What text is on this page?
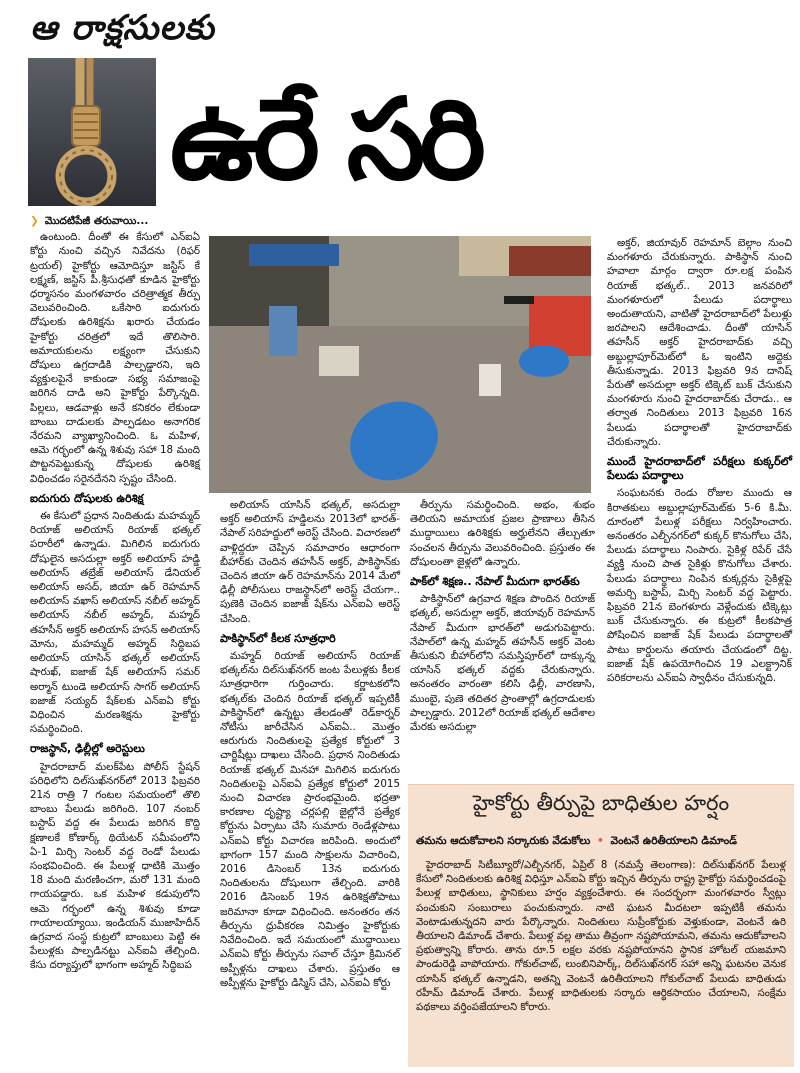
ఆ రాక్షసులకు
ఉరే సరి
❯ మొదటిపేజీ తరువాయి...

ఉంటుంది. దీంతో ఈ కేసులో ఎన్ఐఏ కోర్టు నుంచి వచ్చిన నివేదను (రిఫర్ ట్రయల్) హైకోర్టు ఆమోదిస్తూ జస్టిస్ కే లక్ష్మణ్, జస్టిస్ పీ.శ్రీసుధతో కూడిన హైకోర్టు ధర్మాసనం మంగళవారం చరిత్రాత్మక తీర్పు వెలువరించింది. ఒకేసారి ఐదుగురు దోషులకు ఉరిశిక్షను ఖరారు చేయడం హైకోర్టు చరిత్రలో ఇదే తొలిసారి. అమాయకులను లక్ష్యంగా చేసుకుని దోషులు ఉగ్రదాడికి పాల్పడ్డారని, ఇది వ్యక్తులపైనే కాకుండా సభ్య సమాజంపై జరిగిన దాడి అని హైకోర్టు పేర్కొన్నది. పిల్లలు, ఆడవాళ్లు అనే కనికరం లేకుండా బాంబు దాడులకు పాల్పడటం అనాగరిక నేరమని వ్యాఖ్యానించింది. ఓ మహిళ, ఆమె గర్భంలో ఉన్న శిశువు సహా 18 మంది పొట్టనపెట్టుకున్న దోషులకు ఉరిశిక్ష విధించడం సరైనదేనని స్పష్టం చేసింది.

ఐదుగురు దోషులకు ఉరిశిక్ష

ఈ కేసులో ప్రధాన నిందితుడు మహమ్మద్ రియాజ్ అలియాస్ రియాజ్ భత్కల్ పరారీలో ఉన్నాడు. మిగిలిన ఐదుగురు దోషులైన అసదుల్లా అక్తర్ అలియాస్ హడ్డి అలియాస్ తబ్రేజ్ అలియాస్ డేనియల్ అలియాస్ అసద్, జియా ఉర్ రెహమాన్ అలియాస్ వఖాస్ అలియాస్ నబీల్ అహ్మద్ అలియాస్ నబీల్ అహ్మద్, మహ్మద్ తహసీన్ అక్తర్ అలియాస్ హసన్ అలియాస్ మోను, మహమ్మద్ అహ్మద్ సిద్ధిబప అలియాస్ యాసిన్ భత్కల్ అలియాస్ షారుఖ్, ఐజాజ్ షేక్ అలియాస్ సమర్ అర్మాన్ టుండె అలియాస్ సాగర్ అలియాస్ ఐజాజ్ సయ్యద్ షేక్‌లకు ఎన్ఐఏ కోర్టు విధించిన మరణశిక్షను హైకోర్టు సమర్థించింది.

రాజస్థాన్, ఢిల్లీల్లో అరెస్టులు

హైదరాబాద్ మలక్‌పేట పోలీస్ స్టేషన్ పరిధిలోని దిల్‌సుఖ్‌నగర్‌లో 2013 ఫిబ్రవరి 21న రాత్రి 7 గంటల సమయంలో తొలి బాంబు పేలుడు జరిగింది. 107 నంబర్ బస్టాప్ వద్ద ఈ పేలుడు జరిగిన కొద్ది క్షణాలకే కోణార్క్ థియేటర్ సమీపంలోని ఏ-1 మిర్చి సెంటర్ వద్ద రెండో పేలుడు సంభవించింది. ఈ పేలుళ్ల ధాటికి మొత్తం 18 మంది మరణించగా, మరో 131 మంది గాయపడ్డారు. ఒక మహిళ కడుపులోని ఆమె గర్భంలో ఉన్న శిశువు కూడా గాయాలయ్యాయి. ఇండియన్ ముజాహిదీన్ ఉగ్రవాద సంస్థ కుట్రలో బాంబులు పెట్టి ఈ పేలుళ్లకు పాల్పడినట్టు ఎన్ఐఏ తేల్చింది. కేసు దర్యాప్తులో భాగంగా అహ్మద్ సిద్ధిబప

అలియాస్ యాసిన్ భత్కల్, అసదుల్లా అక్తర్ అలియాస్ హడ్డిలను 2013లో భారత్-నేపాల్ సరిహద్దులో అరెస్ట్ చేసింది. విచారణలో వాళ్లిద్దరూ చెప్పిన సమాచారం ఆధారంగా బీహార్‌కు చెందిన తహసీన్ అక్తర్, పాకిస్థాన్‌కు చెందిన జియా ఉర్ రెహమాన్‌ను 2014 మేలో ఢిల్లీ పోలీసులు రాజస్థాన్‌లో అరెస్ట్ చేయగా.. పుణెకి చెందిన ఐజాజ్ షేక్‌ను ఎన్ఐఏ అరెస్ట్ చేసింది.

పాకిస్థాన్‌లో కీలక సూత్రధారి

మహ్మద్ రియాజ్ అలియాస్ రియాజ్ భత్కల్‌ను దిల్‌సుఖ్‌నగర్ జంట పేలుళ్లకు కీలక సూత్రధారిగా గుర్తించారు. కర్ణాటకలోని భత్కల్‌కు చెందిన రియాజ్ భత్కల్ ఇప్పటికీ పాకిస్థాన్‌లో ఉన్నట్టు తేలడంతో రెడ్‌కార్నర్ నోటీసు జారీచేసిన ఎన్ఐఏ.. మొత్తం ఆరుగురు నిందితులపై ప్రత్యేక కోర్టులో 3 చార్జిషీట్లు దాఖలు చేసింది. ప్రధాన నిందితుడు రియాజ్ భత్కల్ మినహా మిగిలిన ఐదుగురు నిందితులపై ఎన్ఐఏ ప్రత్యేక కోర్టులో 2015 నుంచి విచారణ ప్రారంభమైంది. భద్రతా కారణాల దృష్ట్యా చర్లపల్లి జైల్లోనే ప్రత్యేక కోర్టును ఏర్పాటు చేసి సుమారు రెండేళ్లపాటు ఎన్ఐఏ కోర్టు విచారణ జరిపింది. అందులో భాగంగా 157 మంది సాక్షులను విచారించి, 2016 డిసెంబర్ 13న ఐదుగురు నిందితులను దోషులుగా తేల్చింది. వారికి 2016 డిసెంబర్ 19న ఉరిశిక్షతోపాటు జరిమానా కూడా విధించింది. అనంతరం తన తీర్పును ధ్రువీకరణ నిమిత్తం హైకోర్టుకు నివేదించింది. ఇదే సమయంలో ముద్దాయిలు ఎన్ఐఏ కోర్టు తీర్పును సవాల్ చేస్తూ క్రిమినల్ అప్పీళ్లను దాఖలు చేశారు. ప్రస్తుతం ఆ అప్పీళ్లను హైకోర్టు డిస్మిస్ చేసి, ఎన్ఐఏ కోర్టు

తీర్పును సమర్థించింది. అభం, శుభం తెలియని అమాయక ప్రజల ప్రాణాలు తీసిన ముద్దాయిలు ఉరిశిక్షకు అర్హులేనని తేల్చుతూ సంచలన తీర్పును వెలువరించింది. ప్రస్తుతం ఈ దోషులంతా జైళ్లలో ఉన్నారు.

పాక్‌లో శిక్షణ.. నేపాల్ మీదుగా భారత్‌కు

పాకిస్థాన్‌లో ఉగ్రవాద శిక్షణ పొందిన రియాజ్ భత్కల్, అసదుల్లా అక్తర్, జియావుర్ రెహమాన్ నేపాల్ మీదుగా భారత్‌లో అడుగుపెట్టారు. నేపాల్‌లో ఉన్న మహ్మద్ తహసీన్ అక్తర్ వెంట తీసుకుని బీహార్‌లోని సమస్తిపూర్‌లో దాక్కున్న యాసిన్ భత్కల్ వద్దకు చేరుకున్నారు. అనంతరం వారంతా కలిసి ఢిల్లీ, వారణాసి, ముంబై, పుణె తదితర ప్రాంతాల్లో ఉగ్రదాడులకు పాల్పడ్డారు. 2012లో రియాజ్ భత్కల్ ఆదేశాల మేరకు అసదుల్లా

అక్తర్, జియావుర్ రెహమాన్ బెల్గాం నుంచి మంగళూరు చేరుకున్నారు. పాకిస్థాన్ నుంచి హవాలా మార్గం ద్వారా రూ.లక్ష పంపిన రియాజ్ భత్కల్.. 2013 జనవరిలో మంగళూరులో పేలుడు పదార్థాలు అందుతాయని, వాటితో హైదరాబాద్‌లో పేలుళ్లు జరపాలని ఆదేశించాడు. దీంతో యాసిన్ తహసీన్ అక్తర్ హైదరాబాద్‌కు వచ్చి అబ్దుల్లాపూర్‌మెట్‌లో ఓ ఇంటిని అద్దెకు తీసుకున్నాడు. 2013 ఫిబ్రవరి 9న దానిష్ పేరుతో అసదుల్లా అక్తర్ టిక్కెట్ బుక్ చేసుకుని మంగళూరు నుంచి హైదరాబాద్‌కు చేరాడు.. ఆ తర్వాత నిందితులు 2013 ఫిబ్రవరి 16న పేలుడు పదార్థాలతో హైదరాబాద్‌కు చేరుకున్నారు.

ముందే హైదరాబాద్‌లో పరీక్షలు కుక్కర్‌లో పేలుడు పదార్థాలు

సంఘటనకు రెండు రోజుల ముందు ఆ కిరాతకులు అబ్దుల్లాపూర్‌మెట్‌కు 5-6 కి.మీ. దూరంలో పేలుళ్ల పరీక్షలు నిర్వహించారు. అనంతరం ఎల్బీనగర్‌లో కుక్కర్ కొనుగోలు చేసి, పేలుడు పదార్థాలు నింపారు. సైకిళ్ల రిపేర్ చేసే వ్యక్తి నుంచి పాత సైకిళ్లు కొనుగోలు చేశారు. పేలుడు పదార్థాలు నింపిన కుక్కర్లను సైకిళ్లపై అమర్చి బస్టాప్, మిర్చి సెంటర్ వద్ద పెట్టారు. ఫిబ్రవరి 21న బెంగళూరు వెళ్లేందుకు టిక్కెట్లు బుక్ చేసుకున్నారు. ఈ కుట్రలో కీలకపాత్ర పోషించిన ఐజాజ్ షేక్ పేలుడు పదార్థాలతో పాటు కార్డులను తయారు చేయడంలో దిట్ట. ఐజాజ్ షేక్ ఉపయోగించిన 19 ఎలక్ట్రానిక్ పరికరాలను ఎన్ఐఏ స్వాధీనం చేసుకున్నది.

హైకోర్టు తీర్పుపై బాధితుల హర్షం
తమను ఆదుకోవాలని సర్కారుకు వేడుకోలు • వెంటనే ఉరితీయాలని డిమాండ్

హైదరాబాద్ సిటీబ్యూరో/ఎల్బీనగర్, ఏప్రిల్ 8 (నమస్తే తెలంగాణ): దిల్‌సుఖ్‌నగర్ పేలుళ్ల కేసులో నిందితులకు ఉరిశిక్ష విధిస్తూ ఎన్ఐఏ కోర్టు ఇచ్చిన తీర్పును రాష్ట్ర హైకోర్టు సమర్థించడంపై పేలుళ్ల బాధితులు, స్థానికులు హర్షం వ్యక్తంచేశారు. ఈ సందర్భంగా మంగళవారం స్వీట్లు పంచుకుని సంబురాలు పంచుకున్నారు. నాటి ఘటన మీదటలా ఇప్పటికీ తమను వెంటాడుతున్నదని వారు పేర్కొన్నారు. నిందితులు సుప్రీంకోర్టుకు వెళ్తుకుండా, వెంటనే ఉరి తీయాలని డిమాండ్ చేశారు. పేలుళ్ల వల్ల తాము తీవ్రంగా నష్టపోయామని, తమను ఆదుకోవాలని ప్రభుత్వాన్ని కోరారు. తాను రూ.5 లక్షల వరకు నష్టపోయానని స్థానిక హోటల్ యజమాని పాండురెడ్డి వాపోయారు. గోకుల్‌చాట్, లుంబినిపార్క్, దిల్‌సుఖ్‌నగర్ సహా అన్ని ఘటనల వెనుక యాసిన్ భత్కల్ ఉన్నాడని, అతన్ని వెంటనే ఉరితీయాలని గోకుల్‌చాట్ పేలుడు బాధితుడు రహీమ్ డిమాండ్ చేశారు. పేలుళ్ల బాధితులకు సర్కారు ఆర్థికసాయం చేయాలని, సంక్షేమ పథకాలు వర్తింపజేయాలని కోరారు.
